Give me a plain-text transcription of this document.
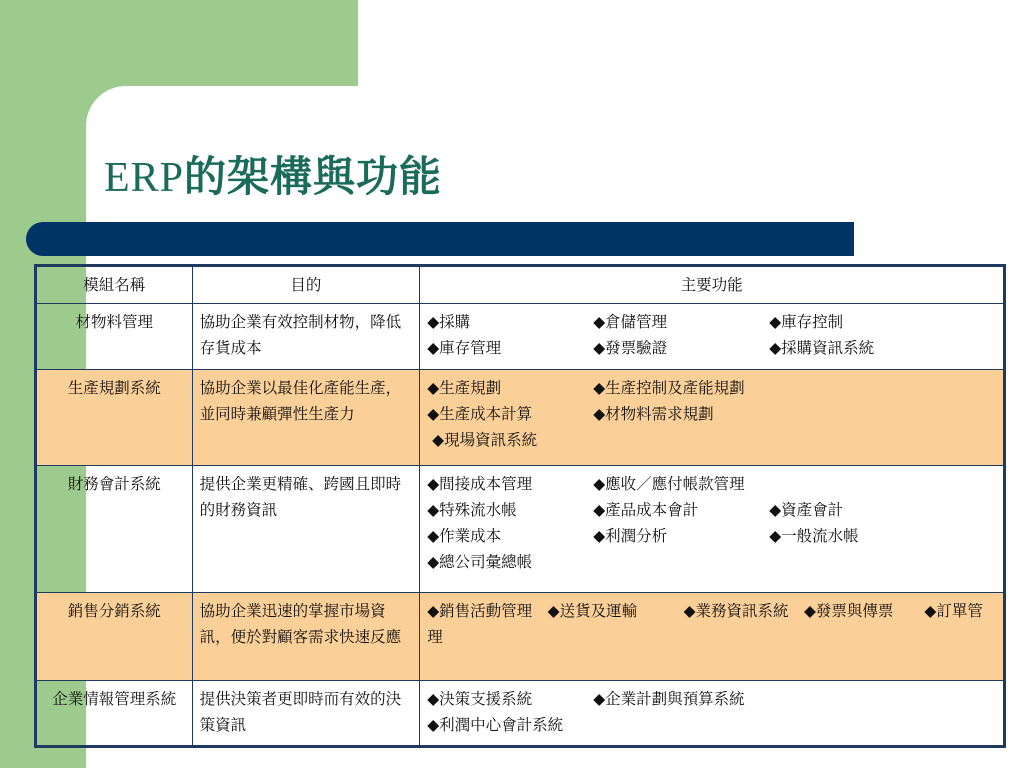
ERP的架構與功能
模組名稱	目的	主要功能
材物料管理	協助企業有效控制材物，降低存貨成本	◆採購 ◆倉儲管理 ◆庫存控制
◆庫存管理 ◆發票驗證 ◆採購資訊系統

生產規劃系統	協助企業以最佳化產能生產，並同時兼顧彈性生產力	◆生產規劃 ◆生產控制及產能規劃
◆生產成本計算 ◆材物料需求規劃
◆現場資訊系統

財務會計系統	提供企業更精確、跨國且即時的財務資訊	◆間接成本管理 ◆應收／應付帳款管理
◆特殊流水帳 ◆產品成本會計 ◆資產會計
◆作業成本 ◆利潤分析 ◆一般流水帳
◆總公司彙總帳

銷售分銷系統	協助企業迅速的掌握市場資訊，便於對顧客需求快速反應	◆銷售活動管理　◆送貨及運輸　　　◆業務資訊系統　◆發票與傳票　　◆訂單管理
企業情報管理系統	提供決策者更即時而有效的決策資訊	◆決策支援系統 ◆企業計劃與預算系統
◆利潤中心會計系統
